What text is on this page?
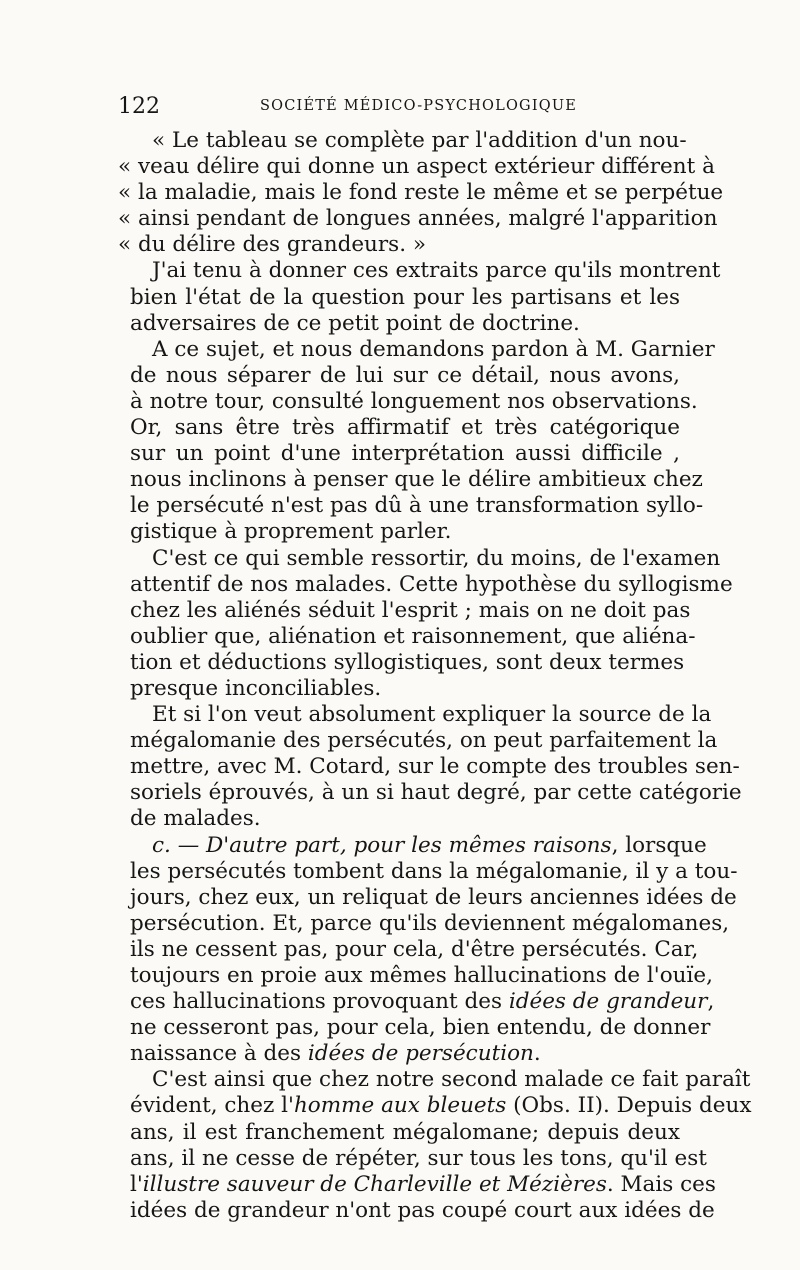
122	SOCIÉTÉ MÉDICO-PSYCHOLOGIQUE
« Le tableau se complète par l'addition d'un nou-
« veau délire qui donne un aspect extérieur différent à
« la maladie, mais le fond reste le même et se perpétue
« ainsi pendant de longues années, malgré l'apparition
« du délire des grandeurs. »
J'ai tenu à donner ces extraits parce qu'ils montrent
bien l'état de la question pour les partisans et les
adversaires de ce petit point de doctrine.
A ce sujet, et nous demandons pardon à M. Garnier
de nous séparer de lui sur ce détail, nous avons,
à notre tour, consulté longuement nos observations.
Or, sans être très affirmatif et très catégorique
sur un point d'une interprétation aussi difficile ,
nous inclinons à penser que le délire ambitieux chez
le persécuté n'est pas dû à une transformation syllo-
gistique à proprement parler.
C'est ce qui semble ressortir, du moins, de l'examen
attentif de nos malades. Cette hypothèse du syllogisme
chez les aliénés séduit l'esprit ; mais on ne doit pas
oublier que, aliénation et raisonnement, que aliéna-
tion et déductions syllogistiques, sont deux termes
presque inconciliables.
Et si l'on veut absolument expliquer la source de la
mégalomanie des persécutés, on peut parfaitement la
mettre, avec M. Cotard, sur le compte des troubles sen-
soriels éprouvés, à un si haut degré, par cette catégorie
de malades.
c. — D'autre part, pour les mêmes raisons, lorsque
les persécutés tombent dans la mégalomanie, il y a tou-
jours, chez eux, un reliquat de leurs anciennes idées de
persécution. Et, parce qu'ils deviennent mégalomanes,
ils ne cessent pas, pour cela, d'être persécutés. Car,
toujours en proie aux mêmes hallucinations de l'ouïe,
ces hallucinations provoquant des idées de grandeur,
ne cesseront pas, pour cela, bien entendu, de donner
naissance à des idées de persécution.
C'est ainsi que chez notre second malade ce fait paraît
évident, chez l'homme aux bleuets (Obs. II). Depuis deux
ans, il est franchement mégalomane; depuis deux
ans, il ne cesse de répéter, sur tous les tons, qu'il est
l'illustre sauveur de Charleville et Mézières. Mais ces
idées de grandeur n'ont pas coupé court aux idées de
